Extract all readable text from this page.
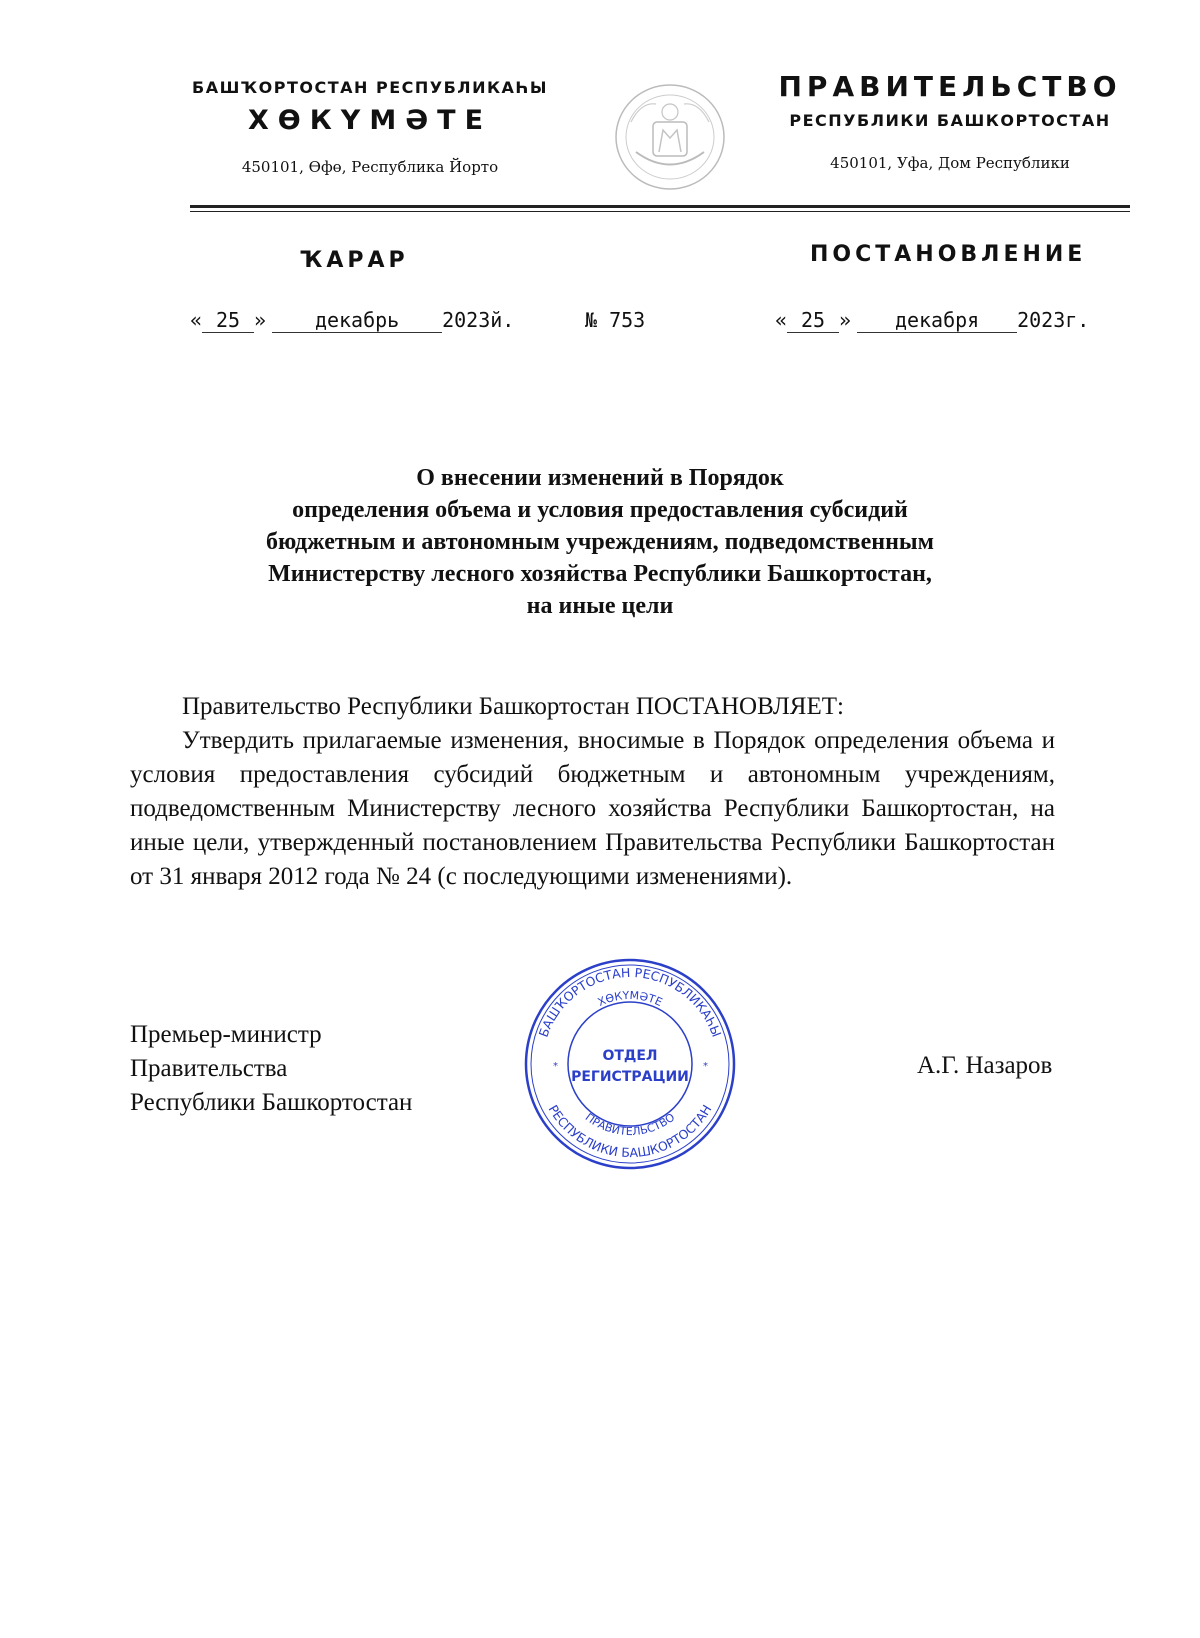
БАШҠОРТОСТАН РЕСПУБЛИКАҺЫ
ХӨКҮМӘТЕ
450101, Өфө, Республика Йорто
ПРАВИТЕЛЬСТВО
РЕСПУБЛИКИ БАШКОРТОСТАН
450101, Уфа, Дом Республики
ҠАРАР	ПОСТАНОВЛЕНИЕ
« 25 » декабрь 2023й.	№ 753	« 25 » декабря 2023г.
О внесении изменений в Порядок
определения объема и условия предоставления субсидий
бюджетным и автономным учреждениям, подведомственным
Министерству лесного хозяйства Республики Башкортостан,
на иные цели

Правительство Республики Башкортостан ПОСТАНОВЛЯЕТ:

Утвердить прилагаемые изменения, вносимые в Порядок определения объема и условия предоставления субсидий бюджетным и автономным учреждениям, подведомственным Министерству лесного хозяйства Республики Башкортостан, на иные цели, утвержденный постановлением Правительства Республики Башкортостан от 31 января 2012 года № 24 (с последующими изменениями).

Премьер-министр
Правительства
Республики Башкортостан
А.Г. Назаров
БАШҠОРТОСТАН РЕСПУБЛИКАҺЫ
ХӨКҮМӘТЕ
ПРАВИТЕЛЬСТВО
РЕСПУБЛИКИ БАШКОРТОСТАН
ОТДЕЛ
РЕГИСТРАЦИИ
*	*
